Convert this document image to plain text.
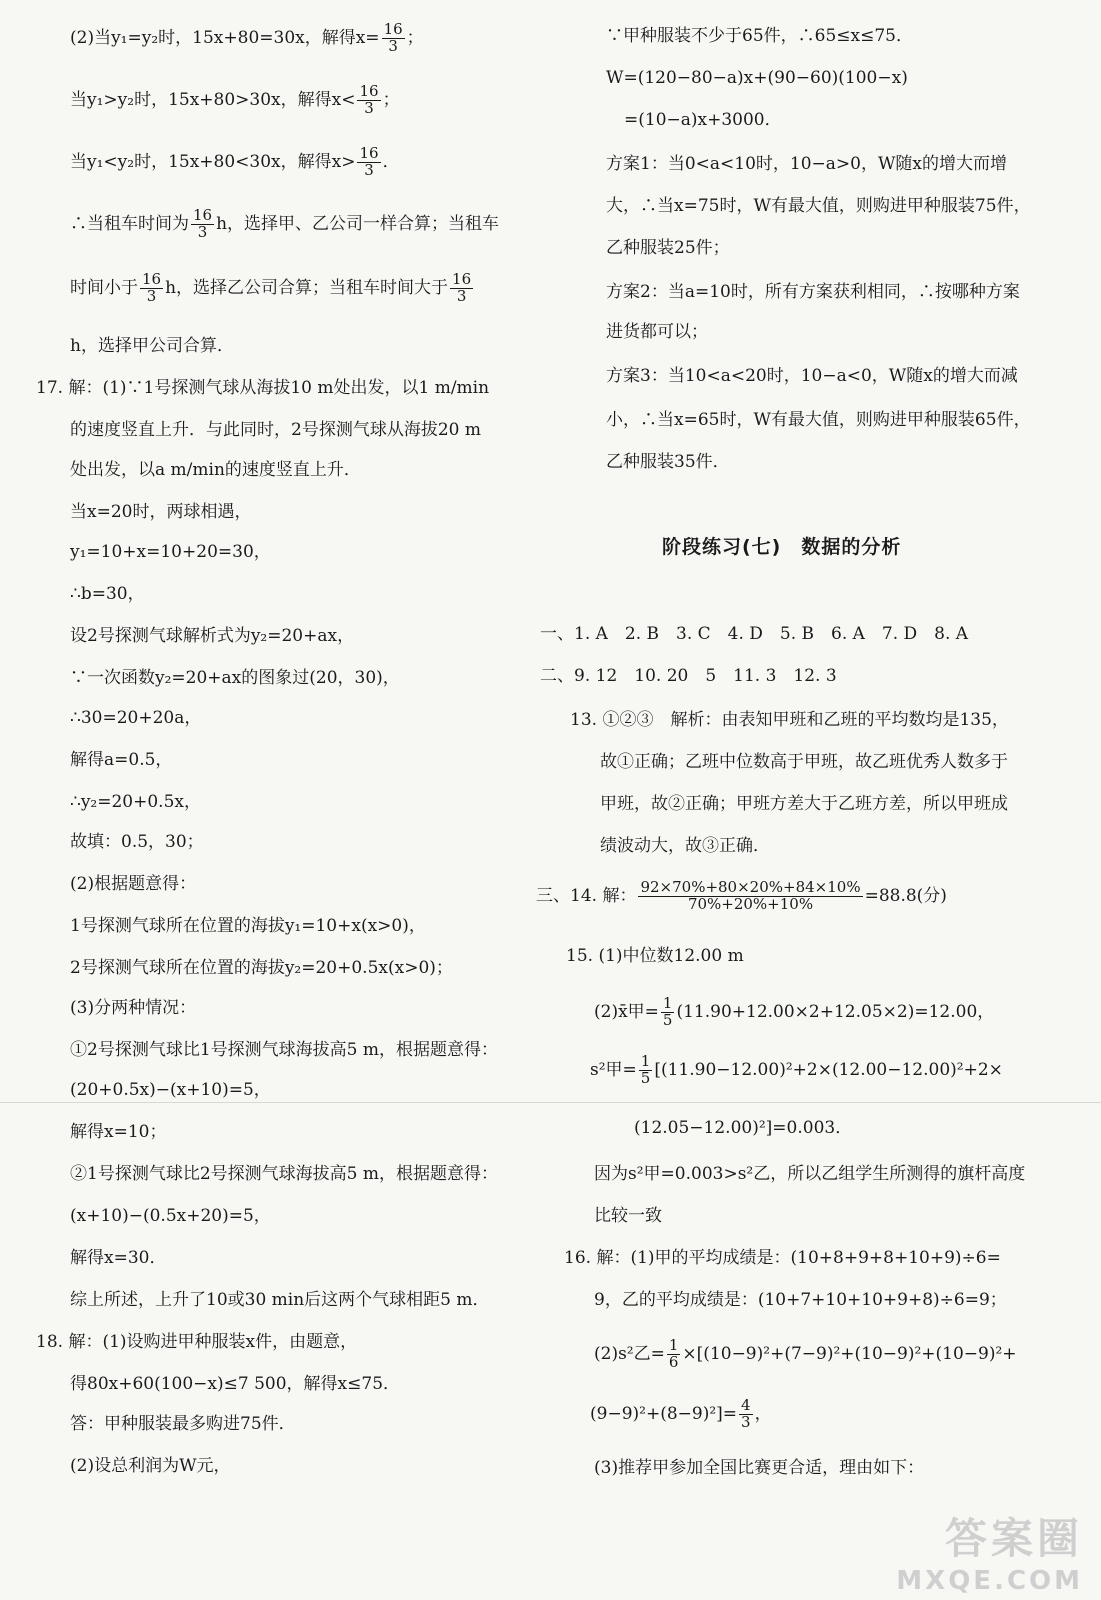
(2)当y₁=y₂时，15x+80=30x，解得$x= \frac{16}{3}$ ；
当y₁>y₂时，15x+80>30x，解得$x< \frac{16}{3}$ ；
当y₁<y₂时，15x+80<30x，解得$x> \frac{16}{3}$ ．
∴当租车时间为 $\frac{16}{3}$ h，选择甲、乙公司一样合算；当租车
时间小于 $\frac{16}{3}$ h，选择乙公司合算；当租车时间大于 $\frac{16}{3}$
h，选择甲公司合算．
17. 解：(1)∵1号探测气球从海拔10 m处出发，以1 m/min
的速度竖直上升．与此同时，2号探测气球从海拔20 m
处出发，以a m/min的速度竖直上升．
当x=20时，两球相遇，
y₁=10+x=10+20=30，
∴b=30，
设2号探测气球解析式为y₂=20+ax，
∵一次函数y₂=20+ax的图象过(20，30)，
∴30=20+20a，
解得a=0.5，
∴y₂=20+0.5x，
故填：0.5，30；
(2)根据题意得：
1号探测气球所在位置的海拔y₁=10+x(x>0)，
2号探测气球所在位置的海拔y₂=20+0.5x(x>0)；
(3)分两种情况：
①2号探测气球比1号探测气球海拔高5 m，根据题意得：
(20+0.5x)−(x+10)=5，
解得x=10；
②1号探测气球比2号探测气球海拔高5 m，根据题意得：
(x+10)−(0.5x+20)=5，
解得x=30．
综上所述，上升了10或30 min后这两个气球相距5 m．
18. 解：(1)设购进甲种服装x件，由题意，
得80x+60(100−x)≤7 500，解得x≤75．
答：甲种服装最多购进75件．
(2)设总利润为W元，
∵甲种服装不少于65件，∴65≤x≤75．
W=(120−80−a)x+(90−60)(100−x)
=(10−a)x+3000．
方案1：当0<a<10时，10−a>0，W随x的增大而增
大，∴当x=75时，W有最大值，则购进甲种服装75件，
乙种服装25件；
方案2：当a=10时，所有方案获利相同，∴按哪种方案
进货都可以；
方案3：当10<a<20时，10−a<0，W随x的增大而减
小，∴当x=65时，W有最大值，则购进甲种服装65件，
乙种服装35件．
阶段练习(七)　数据的分析
一、1. A　2. B　3. C　4. D　5. B　6. A　7. D　8. A
二、9. 12　10. 20　5　11. 3　12. 3
13. ①②③　解析：由表知甲班和乙班的平均数均是135，
故①正确；乙班中位数高于甲班，故乙班优秀人数多于
甲班，故②正确；甲班方差大于乙班方差，所以甲班成
绩波动大，故③正确．
三、14. 解： $\frac{92\times 70\%+80\times 20\%+84\times 10\%}{70\%+20\%+10\%} =88.8$(分)
15. (1)中位数12.00 m
(2)x̄甲= $\frac{1}{5} (11.90+12.00\times 2+12.05\times 2)=12.00$，
s²甲= $\frac{1}{5} [(11.90-12.00)^2+2\times(12.00-12.00)^2+2\times$
(12.05−12.00)²]=0.003．
因为s²甲=0.003>s²乙，所以乙组学生所测得的旗杆高度
比较一致
16. 解：(1)甲的平均成绩是：(10+8+9+8+10+9)÷6=
9，乙的平均成绩是：(10+7+10+10+9+8)÷6=9；
(2)s²乙= $\frac{1}{6} \times[(10-9)^2+(7-9)^2+(10-9)^2+(10-9)^2+$
$(9-9)^2+(8-9)^2]= \frac{4}{3}$ ，
(3)推荐甲参加全国比赛更合适，理由如下：
答案圈
MXQE.COM
